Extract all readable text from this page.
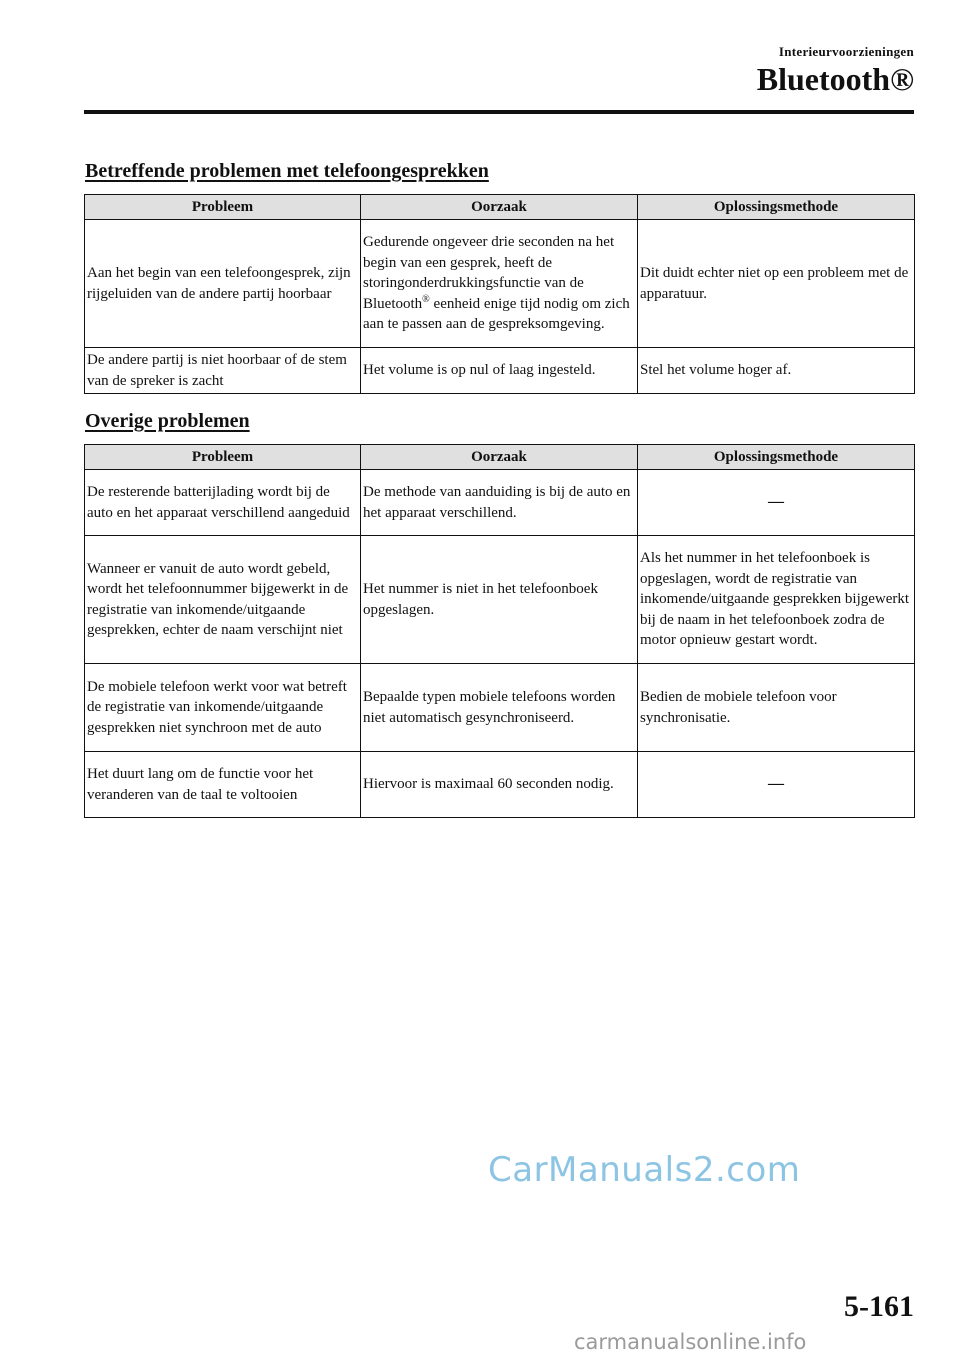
Interieurvoorzieningen
Bluetooth®
Betreffende problemen met telefoongesprekken
Probleem	Oorzaak	Oplossingsmethode
Aan het begin van een telefoongesprek, zijn rijgeluiden van de andere partij hoorbaar	Gedurende ongeveer drie seconden na het begin van een gesprek, heeft de storingonderdrukkingsfunctie van de Bluetooth® eenheid enige tijd nodig om zich aan te passen aan de gespreksomgeving.	Dit duidt echter niet op een probleem met de apparatuur.
De andere partij is niet hoorbaar of de stem van de spreker is zacht	Het volume is op nul of laag ingesteld.	Stel het volume hoger af.
Overige problemen
Probleem	Oorzaak	Oplossingsmethode
De resterende batterijlading wordt bij de auto en het apparaat verschillend aangeduid	De methode van aanduiding is bij de auto en het apparaat verschillend.	—
Wanneer er vanuit de auto wordt gebeld, wordt het telefoonnummer bijgewerkt in de registratie van inkomende/uitgaande gesprekken, echter de naam verschijnt niet	Het nummer is niet in het telefoonboek opgeslagen.	Als het nummer in het telefoonboek is opgeslagen, wordt de registratie van inkomende/uitgaande gesprekken bijgewerkt bij de naam in het telefoonboek zodra de motor opnieuw gestart wordt.
De mobiele telefoon werkt voor wat betreft de registratie van inkomende/uitgaande gesprekken niet synchroon met de auto	Bepaalde typen mobiele telefoons worden niet automatisch gesynchroniseerd.	Bedien de mobiele telefoon voor synchronisatie.
Het duurt lang om de functie voor het veranderen van de taal te voltooien	Hiervoor is maximaal 60 seconden nodig.	—
CarManuals2.com
5-161
carmanualsonline.info
